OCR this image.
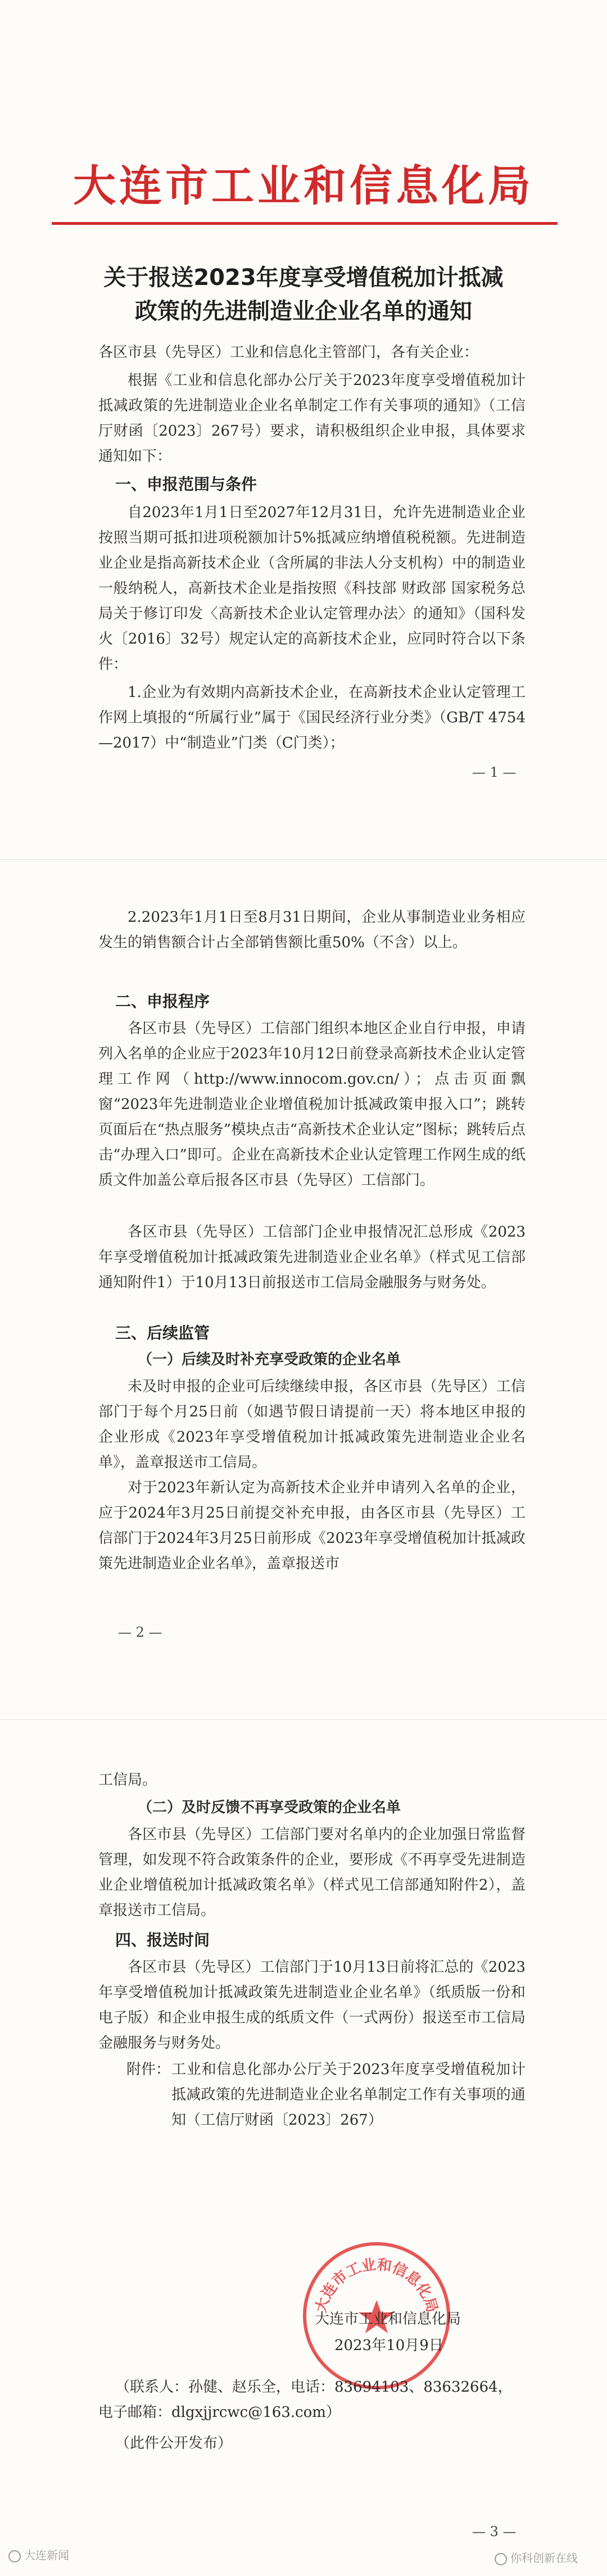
大连市工业和信息化局
关于报送2023年度享受增值税加计抵减
政策的先进制造业企业名单的通知
各区市县（先导区）工业和信息化主管部门，各有关企业：
根据《工业和信息化部办公厅关于2023年度享受增值税加计抵减政策的先进制造业企业名单制定工作有关事项的通知》（工信厅财函〔2023〕267号）要求，请积极组织企业申报，具体要求通知如下：
一、申报范围与条件
自2023年1月1日至2027年12月31日，允许先进制造业企业按照当期可抵扣进项税额加计5%抵减应纳增值税税额。先进制造业企业是指高新技术企业（含所属的非法人分支机构）中的制造业一般纳税人，高新技术企业是指按照《科技部 财政部 国家税务总局关于修订印发〈高新技术企业认定管理办法〉的通知》（国科发火〔2016〕32号）规定认定的高新技术企业，应同时符合以下条件：
1.企业为有效期内高新技术企业，在高新技术企业认定管理工作网上填报的“所属行业”属于《国民经济行业分类》（GB/T 4754—2017）中“制造业”门类（C门类）；
— 1 —
2.2023年1月1日至8月31日期间，企业从事制造业业务相应发生的销售额合计占全部销售额比重50%（不含）以上。
二、申报程序
各区市县（先导区）工信部门组织本地区企业自行申报，申请列入名单的企业应于2023年10月12日前登录高新技术企业认定管理工作网（http://www.innocom.gov.cn/）；点击页面飘窗“2023年先进制造业企业增值税加计抵减政策申报入口”；跳转页面后在“热点服务”模块点击“高新技术企业认定”图标；跳转后点击“办理入口”即可。企业在高新技术企业认定管理工作网生成的纸质文件加盖公章后报各区市县（先导区）工信部门。
各区市县（先导区）工信部门企业申报情况汇总形成《2023年享受增值税加计抵减政策先进制造业企业名单》（样式见工信部通知附件1）于10月13日前报送市工信局金融服务与财务处。
三、后续监管
（一）后续及时补充享受政策的企业名单
未及时申报的企业可后续继续申报，各区市县（先导区）工信部门于每个月25日前（如遇节假日请提前一天）将本地区申报的企业形成《2023年享受增值税加计抵减政策先进制造业企业名单》，盖章报送市工信局。
对于2023年新认定为高新技术企业并申请列入名单的企业，应于2024年3月25日前提交补充申报，由各区市县（先导区）工信部门于2024年3月25日前形成《2023年享受增值税加计抵减政策先进制造业企业名单》，盖章报送市
— 2 —
工信局。
（二）及时反馈不再享受政策的企业名单
各区市县（先导区）工信部门要对名单内的企业加强日常监督管理，如发现不符合政策条件的企业，要形成《不再享受先进制造业企业增值税加计抵减政策名单》（样式见工信部通知附件2），盖章报送市工信局。
四、报送时间
各区市县（先导区）工信部门于10月13日前将汇总的《2023年享受增值税加计抵减政策先进制造业企业名单》（纸质版一份和电子版）和企业申报生成的纸质文件（一式两份）报送至市工信局金融服务与财务处。
附件： 工业和信息化部办公厅关于2023年度享受增值税加计抵减政策的先进制造业企业名单制定工作有关事项的通知（工信厅财函〔2023〕267）
大连市工业和信息化局
大连市工业和信息化局
2023年10月9日
（联系人：孙健、赵乐全，电话：83694103、83632664，
电子邮箱：dlgxjjrcwc@163.com）
（此件公开发布）
大连新闻
— 3 —
你科创新在线
